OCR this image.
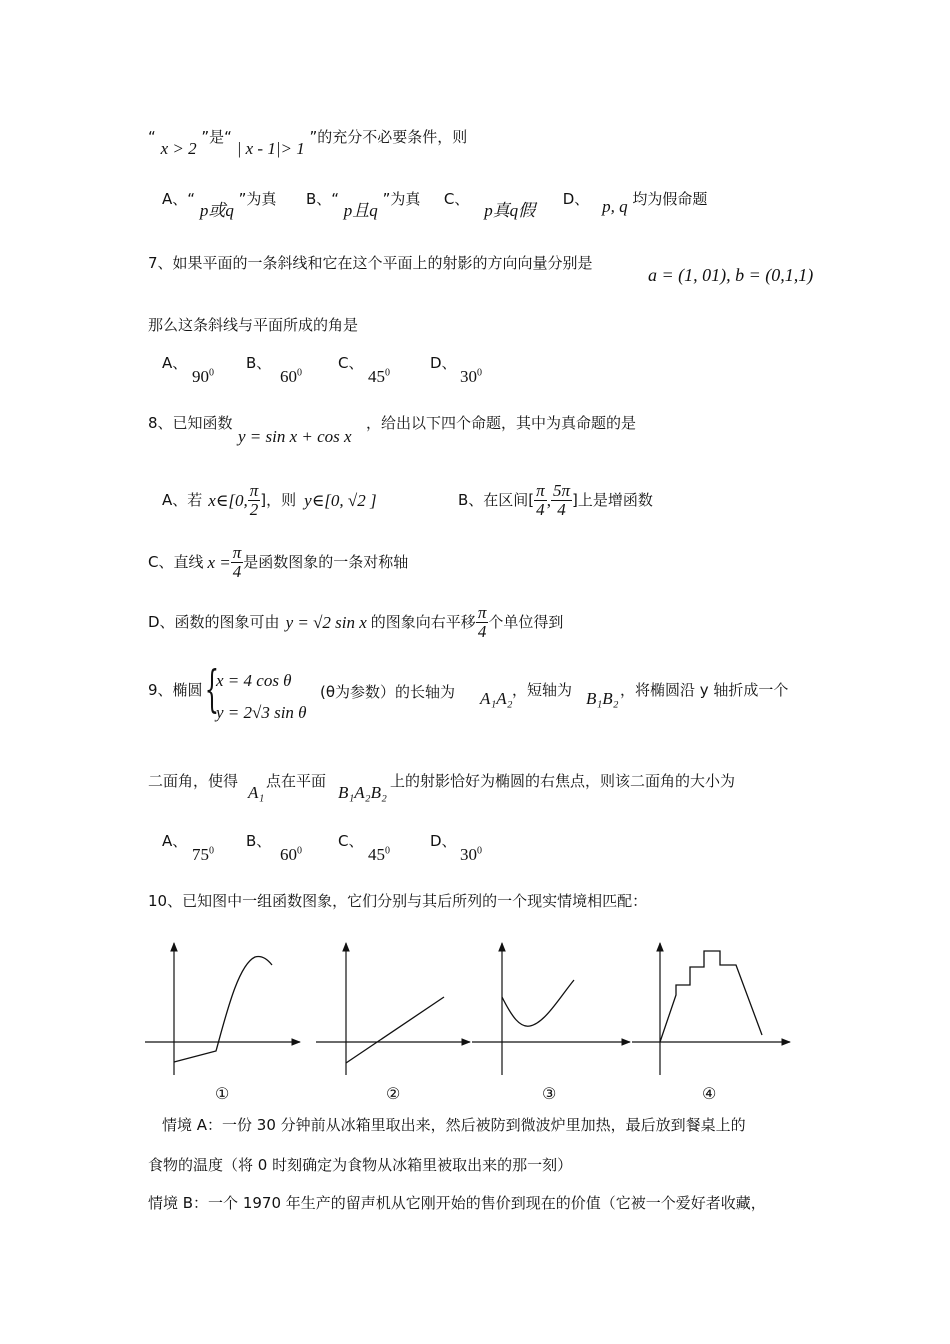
“ x > 2 ”是“ | x - 1|> 1 ”的充分不必要条件，则
A、“ p或q ”为真 B、“ p且q ”为真 C、 p真q假  D、 p, q 均为假命题
7、如果平面的一条斜线和它在这个平面上的射影的方向向量分别是
a = (1, 01), b = (0,1,1)
那么这条斜线与平面所成的角是
A、
$90^0$
B、
$60^0$
C、
$45^0$
D、
$30^0$
8、已知函数
y = sin x + cos x
，给出以下四个命题，其中为真命题的是
A、若 x∈[0, $\frac{\pi}{2}$ ]，则 y∈[0, √2 ]	B、在区间[ $\frac{\pi}{4}$ , $\frac{5\pi}{4}$ ]上是增函数
C、直线 $x = \frac{\pi}{4}$ 是函数图象的一条对称轴
D、函数的图象可由 y = √2 sin x 的图象向右平移 $\frac{\pi}{4}$ 个单位得到
9、椭圆 {
x = 4 cos θ
y = 2√3 sin θ
(θ为参数）的长轴为 A₁A₂ ，短轴为 B₁B₂ ，将椭圆沿 y 轴折成一个
二面角，使得
A₁
点在平面
B₁A₂B₂
上的射影恰好为椭圆的右焦点，则该二面角的大小为
A、
$75^0$
B、
$60^0$
C、
$45^0$
D、
$30^0$
10、已知图中一组函数图象，它们分别与其后所列的一个现实情境相匹配：
①	②	③	④
情境 A：一份 30 分钟前从冰箱里取出来，然后被防到微波炉里加热，最后放到餐桌上的
食物的温度（将 0 时刻确定为食物从冰箱里被取出来的那一刻）
情境 B：一个 1970 年生产的留声机从它刚开始的售价到现在的价值（它被一个爱好者收藏，
